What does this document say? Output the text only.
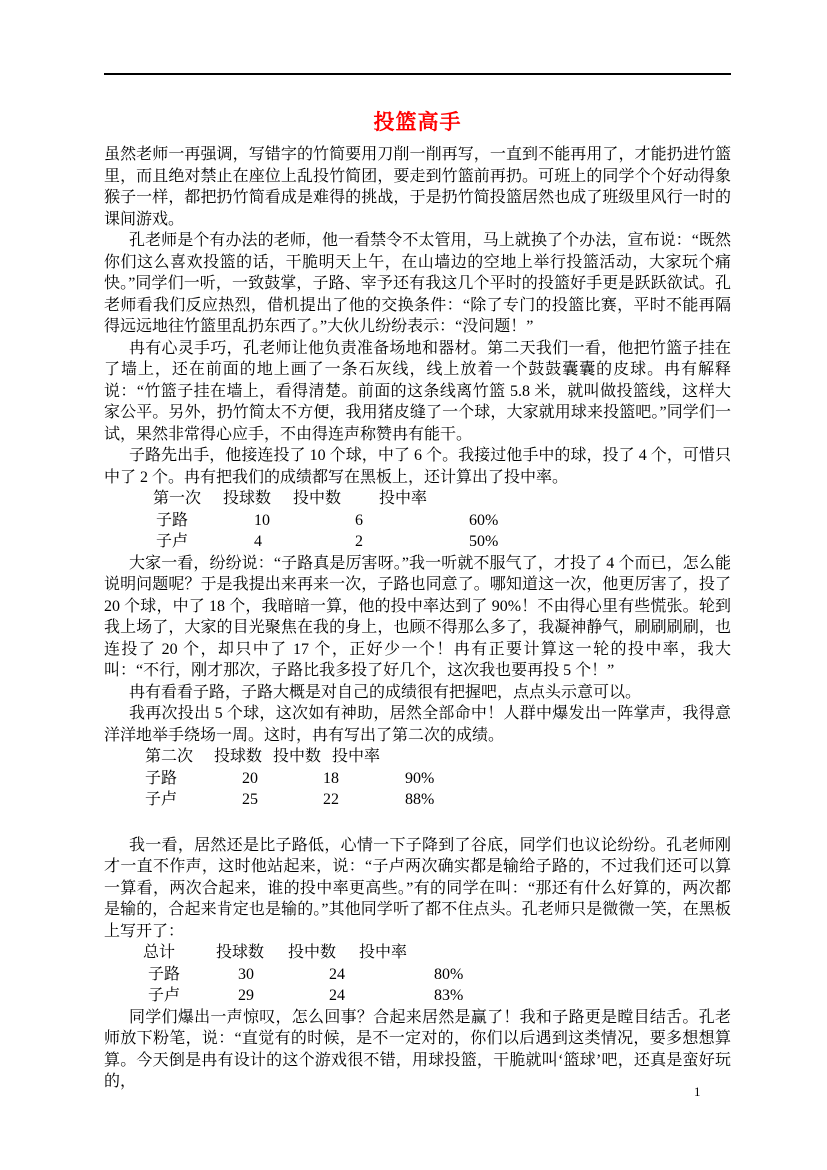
投篮高手

虽然老师一再强调，写错字的竹简要用刀削一削再写，一直到不能再用了，才能扔进竹篮里，而且绝对禁止在座位上乱投竹简团，要走到竹篮前再扔。可班上的同学个个好动得象猴子一样，都把扔竹简看成是难得的挑战，于是扔竹简投篮居然也成了班级里风行一时的课间游戏。

孔老师是个有办法的老师，他一看禁令不太管用，马上就换了个办法，宣布说：“既然你们这么喜欢投篮的话，干脆明天上午，在山墙边的空地上举行投篮活动，大家玩个痛快。”同学们一听，一致鼓掌，子路、宰予还有我这几个平时的投篮好手更是跃跃欲试。孔老师看我们反应热烈，借机提出了他的交换条件：“除了专门的投篮比赛，平时不能再隔得远远地往竹篮里乱扔东西了。”大伙儿纷纷表示：“没问题！”

冉有心灵手巧，孔老师让他负责准备场地和器材。第二天我们一看，他把竹篮子挂在了墙上，还在前面的地上画了一条石灰线，线上放着一个鼓鼓囊囊的皮球。冉有解释说：“竹篮子挂在墙上，看得清楚。前面的这条线离竹篮 5.8 米，就叫做投篮线，这样大家公平。另外，扔竹简太不方便，我用猪皮缝了一个球，大家就用球来投篮吧。”同学们一试，果然非常得心应手，不由得连声称赞冉有能干。

子路先出手，他接连投了 10 个球，中了 6 个。我接过他手中的球，投了 4 个，可惜只中了 2 个。冉有把我们的成绩都写在黑板上，还计算出了投中率。

第一次 投球数 投中数 投中率
子路	10	6	60%
子卢	4	2	50%

大家一看，纷纷说：“子路真是厉害呀。”我一听就不服气了，才投了 4 个而已，怎么能说明问题呢？于是我提出来再来一次，子路也同意了。哪知道这一次，他更厉害了，投了 20 个球，中了 18 个，我暗暗一算，他的投中率达到了 90%！不由得心里有些慌张。轮到我上场了，大家的目光聚焦在我的身上，也顾不得那么多了，我凝神静气，刷刷刷刷，也连投了 20 个，却只中了 17 个，正好少一个！冉有正要计算这一轮的投中率，我大叫：“不行，刚才那次，子路比我多投了好几个，这次我也要再投 5 个！”

冉有看看子路，子路大概是对自己的成绩很有把握吧，点点头示意可以。

我再次投出 5 个球，这次如有神助，居然全部命中！人群中爆发出一阵掌声，我得意洋洋地举手绕场一周。这时，冉有写出了第二次的成绩。

第二次 投球数 投中数 投中率
子路	20	18	90%
子卢	25	22	88%

我一看，居然还是比子路低，心情一下子降到了谷底，同学们也议论纷纷。孔老师刚才一直不作声，这时他站起来，说：“子卢两次确实都是输给子路的，不过我们还可以算一算看，两次合起来，谁的投中率更高些。”有的同学在叫：“那还有什么好算的，两次都是输的，合起来肯定也是输的。”其他同学听了都不住点头。孔老师只是微微一笑，在黑板上写开了：

总计	投球数 投中数 投中率
子路	30	24	80%
子卢	29	24	83%

同学们爆出一声惊叹，怎么回事？合起来居然是赢了！我和子路更是瞠目结舌。孔老师放下粉笔，说：“直觉有的时候，是不一定对的，你们以后遇到这类情况，要多想想算算。今天倒是冉有设计的这个游戏很不错，用球投篮，干脆就叫‘篮球’吧，还真是蛮好玩的，

1
